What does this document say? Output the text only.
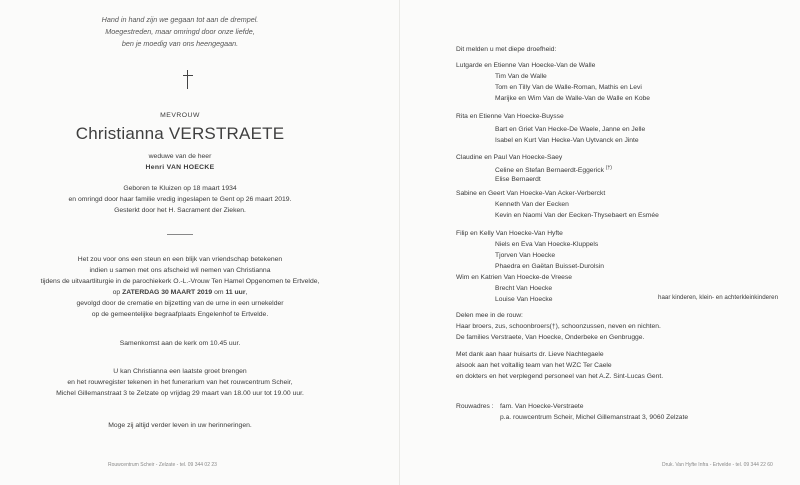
Hand in hand zijn we gegaan tot aan de drempel.
Moegestreden, maar omringd door onze liefde,
ben je moedig van ons heengegaan.
MEVROUW
Christianna VERSTRAETE
weduwe van de heer
Henri VAN HOECKE
Geboren te Kluizen op 18 maart 1934
en omringd door haar familie vredig ingeslapen te Gent op 26 maart 2019.
Gesterkt door het H. Sacrament der Zieken.
Het zou voor ons een steun en een blijk van vriendschap betekenen
indien u samen met ons afscheid wil nemen van Christianna
tijdens de uitvaartliturgie in de parochiekerk O.-L.-Vrouw Ten Hamel Opgenomen te Ertvelde,
op ZATERDAG 30 MAART 2019 om 11 uur,
gevolgd door de crematie en bijzetting van de urne in een urnekelder
op de gemeentelijke begraafplaats Engelenhof te Ertvelde.
Samenkomst aan de kerk om 10.45 uur.
U kan Christianna een laatste groet brengen
en het rouwregister tekenen in het funerarium van het rouwcentrum Scheir,
Michel Gillemanstraat 3 te Zelzate op vrijdag 29 maart van 18.00 uur tot 19.00 uur.
Moge zij altijd verder leven in uw herinneringen.
Rouwcentrum Scheir - Zelzate - tel. 09 344 02 23
Dit melden u met diepe droefheid:
Lutgarde en Etienne Van Hoecke-Van de Walle
Tim Van de Walle
Tom en Tilly Van de Walle-Roman, Mathis en Levi
Marijke en Wim Van de Walle-Van de Walle en Kobe
Rita en Etienne Van Hoecke-Buysse
Bart en Griet Van Hecke-De Waele, Janne en Jelle
Isabel en Kurt Van Hecke-Van Uytvanck en Jinte
Claudine en Paul Van Hoecke-Saey
Celine en Stefan Bernaerdt-Eggerick (†)
Elise Bernaerdt
Sabine en Geert Van Hoecke-Van Acker-Verberckt
Kenneth Van der Eecken
Kevin en Naomi Van der Eecken-Thysebaert en Esmée
Filip en Kelly Van Hoecke-Van Hyfte
Niels en Eva Van Hoecke-Kluppels
Tjorven Van Hoecke
Phaedra en Gaëtan Buisset-Durolsin
Wim en Katrien Van Hoecke-de Vreese
Brecht Van Hoecke
Louise Van Hoecke	haar kinderen, klein- en achterkleinkinderen
Delen mee in de rouw:
Haar broers, zus, schoonbroers(†), schoonzussen, neven en nichten.
De families Verstraete, Van Hoecke, Onderbeke en Genbrugge.
Met dank aan haar huisarts dr. Lieve Nachtegaele
alsook aan het voltallig team van het WZC Ter Caele
en dokters en het verplegend personeel van het A.Z. Sint-Lucas Gent.
Rouwadres : fam. Van Hoecke-Verstraete
p.a. rouwcentrum Scheir, Michel Gillemanstraat 3, 9060 Zelzate
Druk. Van Hyfte Infra - Ertvelde - tel. 09 344 22 60
